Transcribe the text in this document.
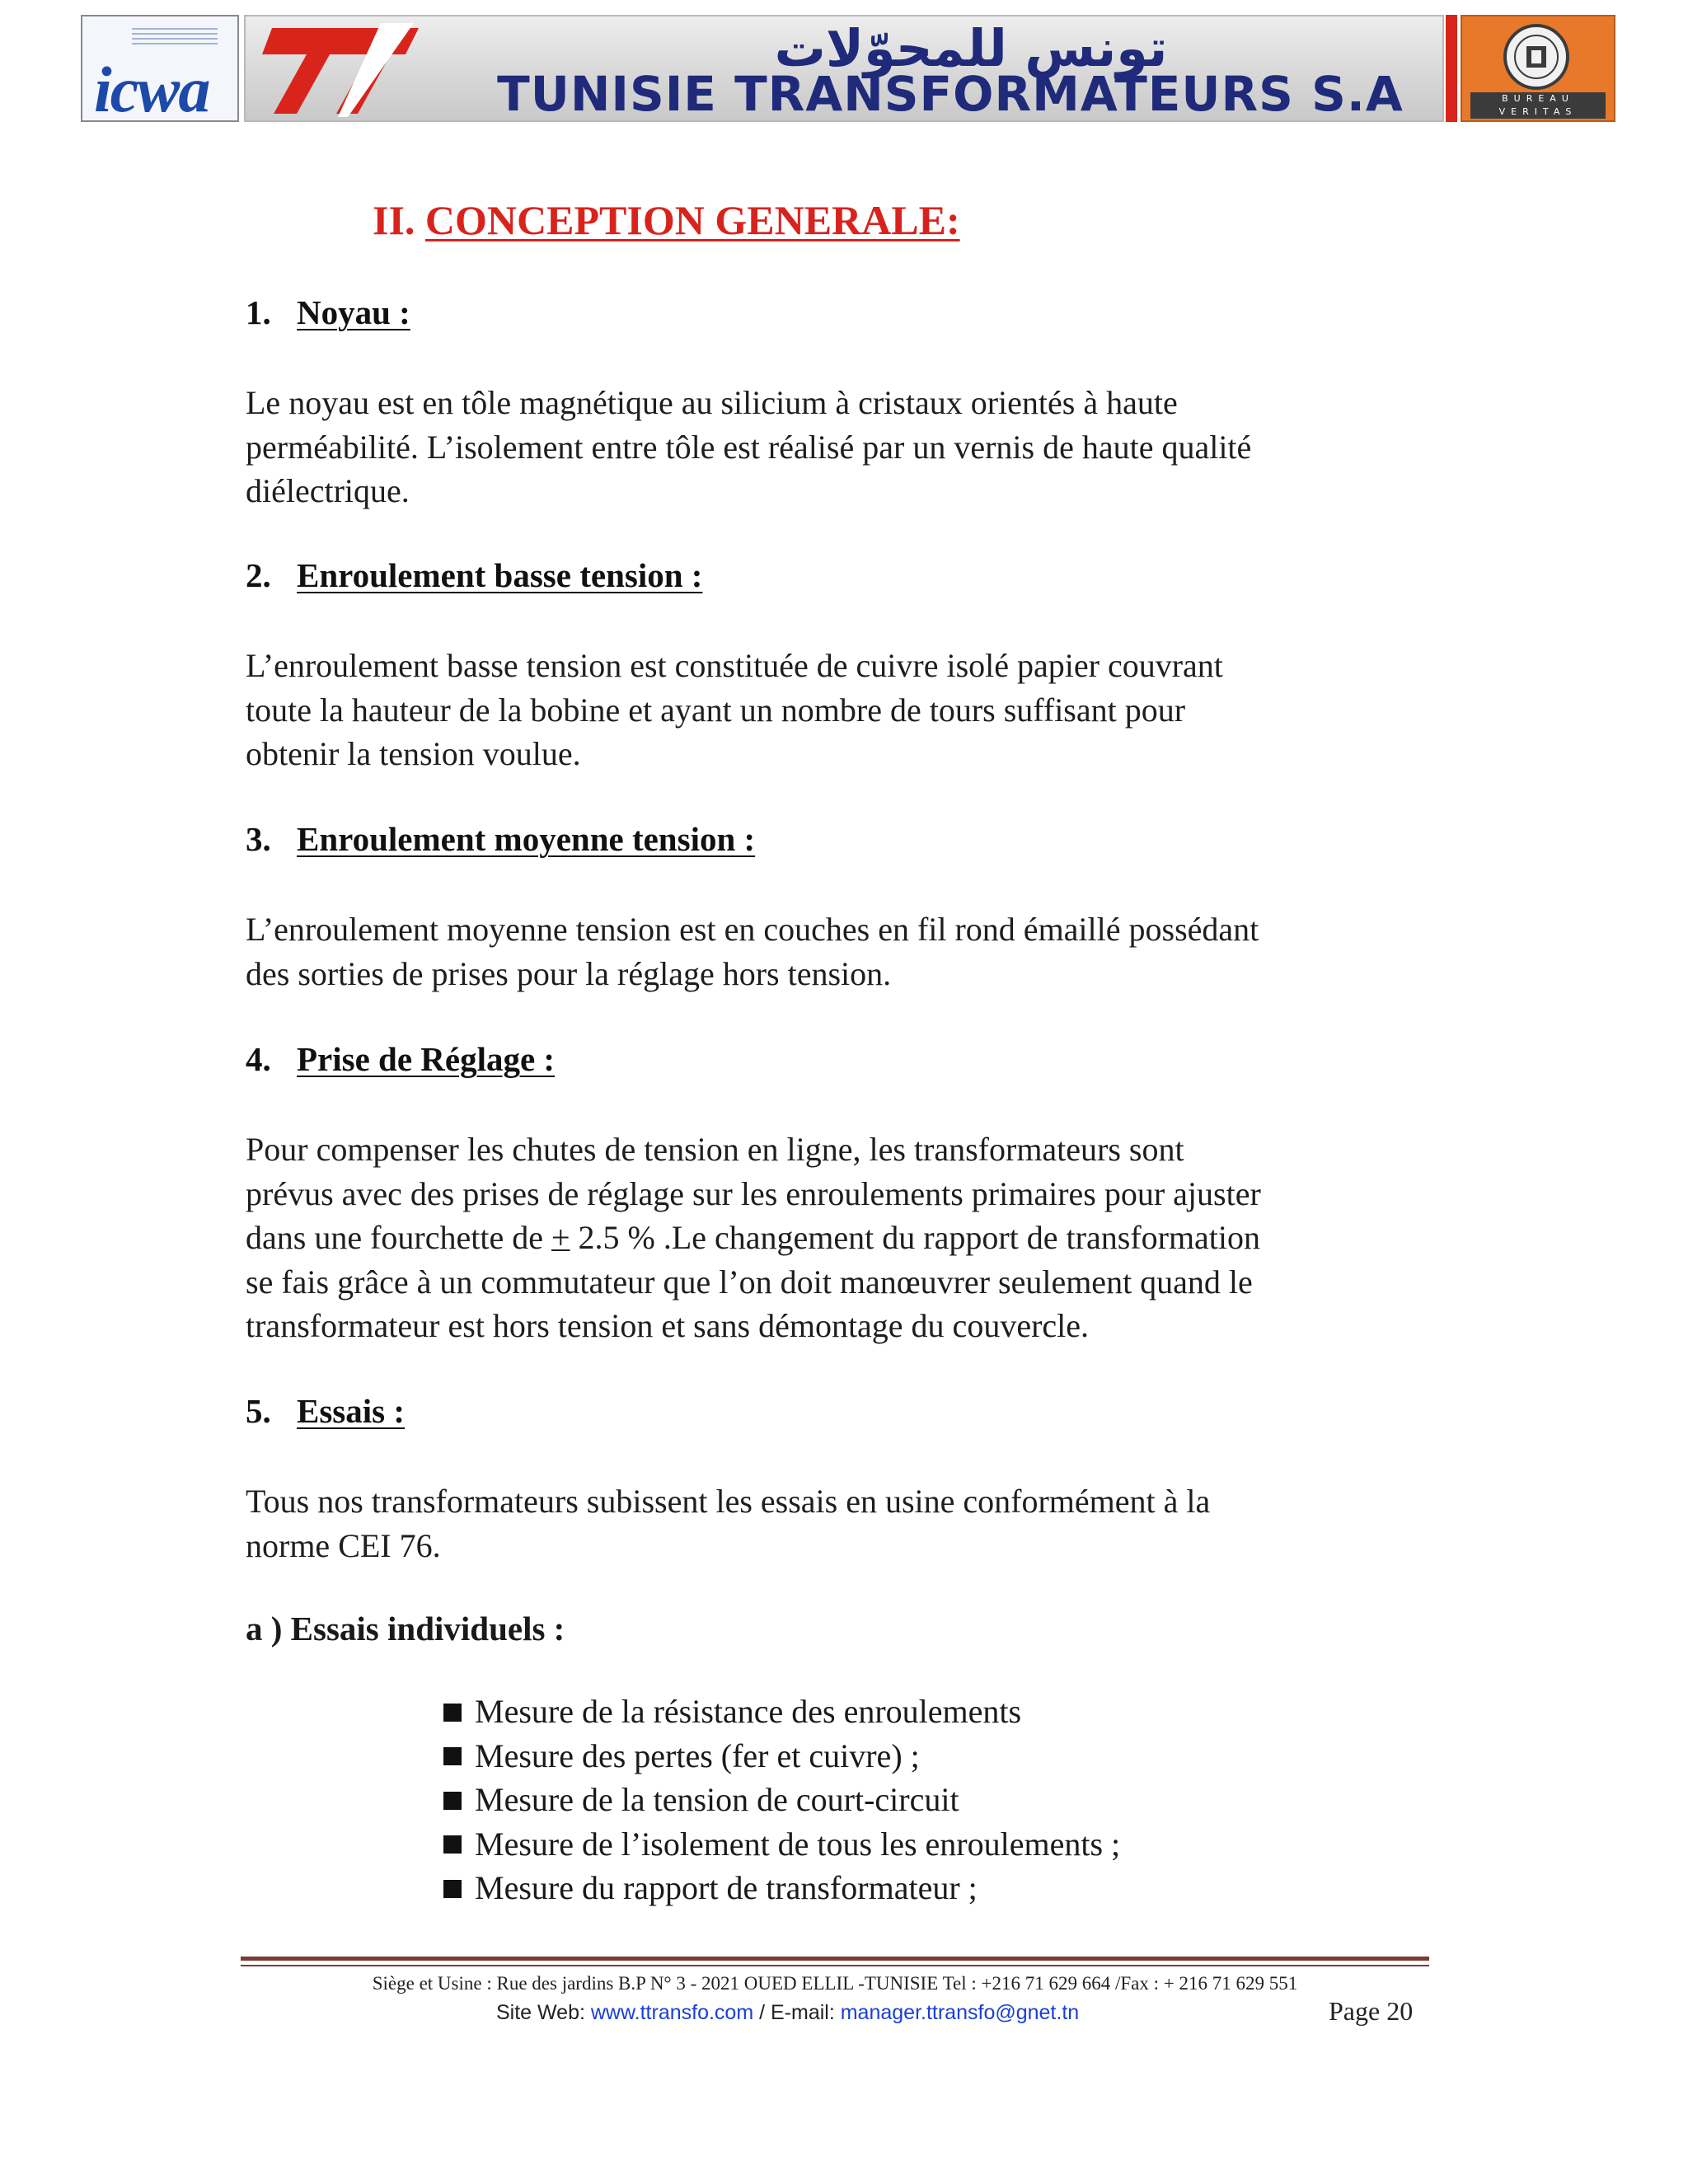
icwa
تونس للمحوّلات
TUNISIE TRANSFORMATEURS S.A	BUREAU VERITAS
II. CONCEPTION GENERALE:
1. Noyau :
Le noyau est en tôle magnétique au silicium à cristaux orientés à haute
perméabilité. L’isolement entre tôle est réalisé par un vernis de haute qualité
diélectrique.
2. Enroulement basse tension :
L’enroulement basse tension est constituée de cuivre isolé papier couvrant
toute la hauteur de la bobine et ayant un nombre de tours suffisant pour
obtenir la tension voulue.
3. Enroulement moyenne tension :
L’enroulement moyenne tension est en couches en fil rond émaillé possédant
des sorties de prises pour la réglage hors tension.
4. Prise de Réglage :
Pour compenser les chutes de tension en ligne, les transformateurs sont
prévus avec des prises de réglage sur les enroulements primaires pour ajuster
dans une fourchette de + 2.5 % .Le changement du rapport de transformation
se fais grâce à un commutateur que l’on doit manœuvrer seulement quand le
transformateur est hors tension et sans démontage du couvercle.
5. Essais :
Tous nos transformateurs subissent les essais en usine conformément à la
norme CEI 76.
a ) Essais individuels :
Mesure de la résistance des enroulements
Mesure des pertes (fer et cuivre) ;
Mesure de la tension de court-circuit
Mesure de l’isolement de tous les enroulements ;
Mesure du rapport de transformateur ;
Siège et Usine : Rue des jardins B.P N° 3 - 2021 OUED ELLIL -TUNISIE Tel : +216 71 629 664 /Fax : + 216 71 629 551
Site Web: www.ttransfo.com / E-mail: manager.ttransfo@gnet.tn	Page 20
